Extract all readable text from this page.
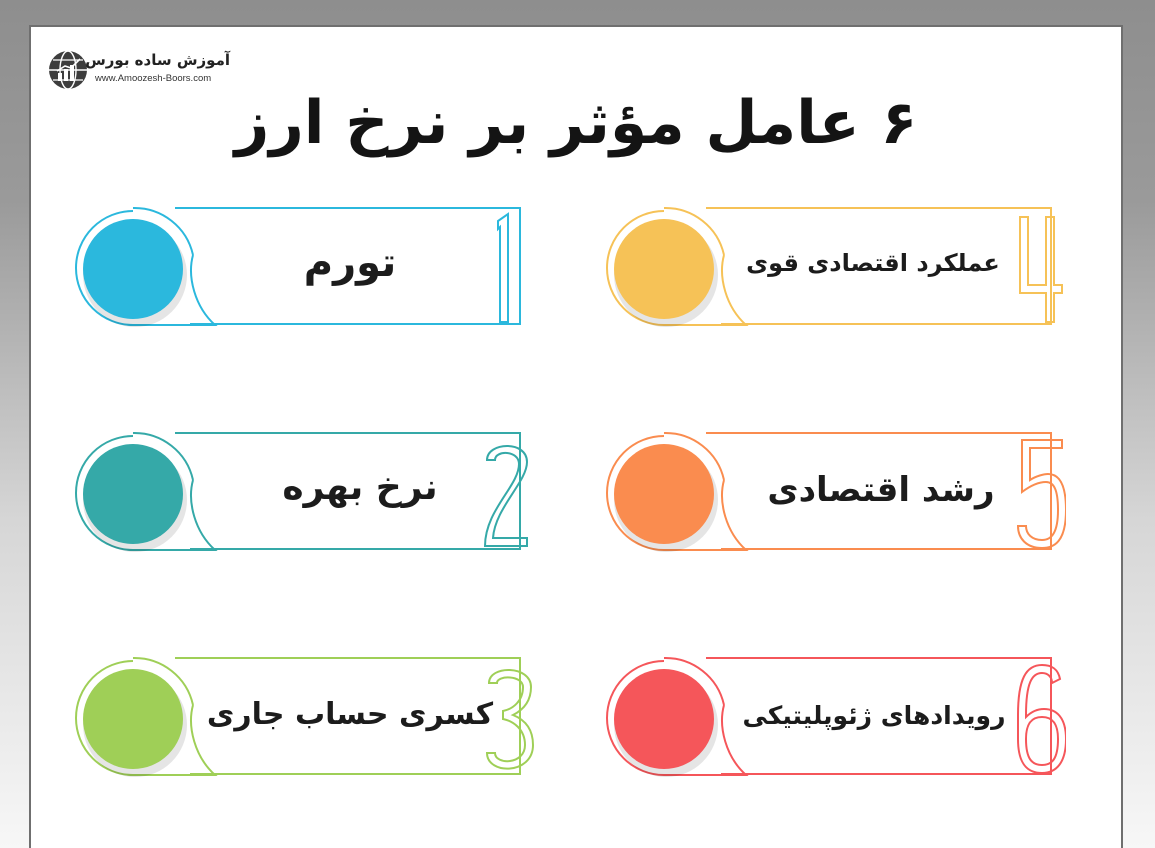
آموزش ساده بورس
www.Amoozesh-Boors.com
۶ عامل مؤثر بر نرخ ارز
تورم
نرخ بهره
کسری حساب جاری
عملکرد اقتصادی قوی
رشد اقتصادی
رویدادهای ژئوپلیتیکی
